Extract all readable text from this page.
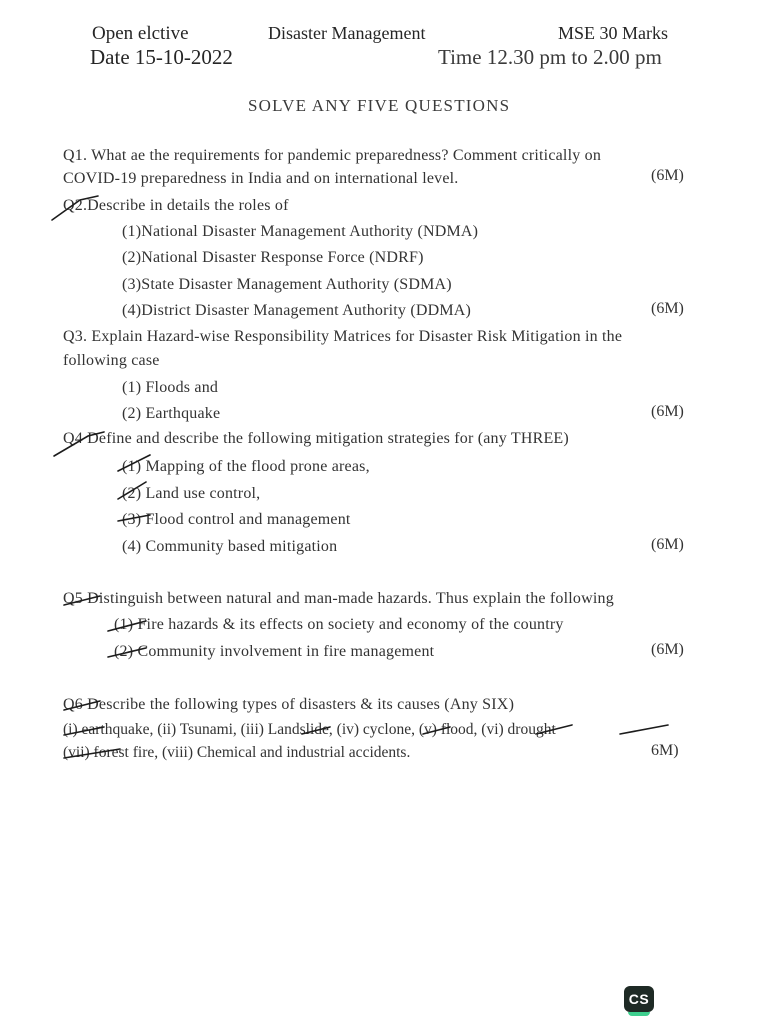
Open elctive	Disaster Management	MSE 30 Marks
Date 15-10-2022	Time 12.30 pm to 2.00 pm
SOLVE ANY FIVE QUESTIONS
Q1. What ae the requirements for pandemic preparedness? Comment critically on
COVID-19 preparedness in India and on international level.	(6M)
Q2.Describe in details the roles of
(1)National Disaster Management Authority (NDMA)
(2)National Disaster Response Force (NDRF)
(3)State Disaster Management Authority (SDMA)
(4)District Disaster Management Authority (DDMA)	(6M)
Q3. Explain Hazard-wise Responsibility Matrices for Disaster Risk Mitigation in the
following case
(1) Floods and
(2) Earthquake	(6M)
Q4 Define and describe the following mitigation strategies for (any THREE)
(1) Mapping of the flood prone areas,
(2) Land use control,
(3) Flood control and management
(4) Community based mitigation	(6M)
Q5 Distinguish between natural and man-made hazards. Thus explain the following
(1) Fire hazards & its effects on society and economy of the country
(2) Community involvement in fire management	(6M)
Q6 Describe the following types of disasters & its causes (Any SIX)
(i) earthquake, (ii) Tsunami, (iii) Landslide, (iv) cyclone, (v) flood, (vi) drought
(vii) forest fire, (viii) Chemical and industrial accidents.	6M)
CS
